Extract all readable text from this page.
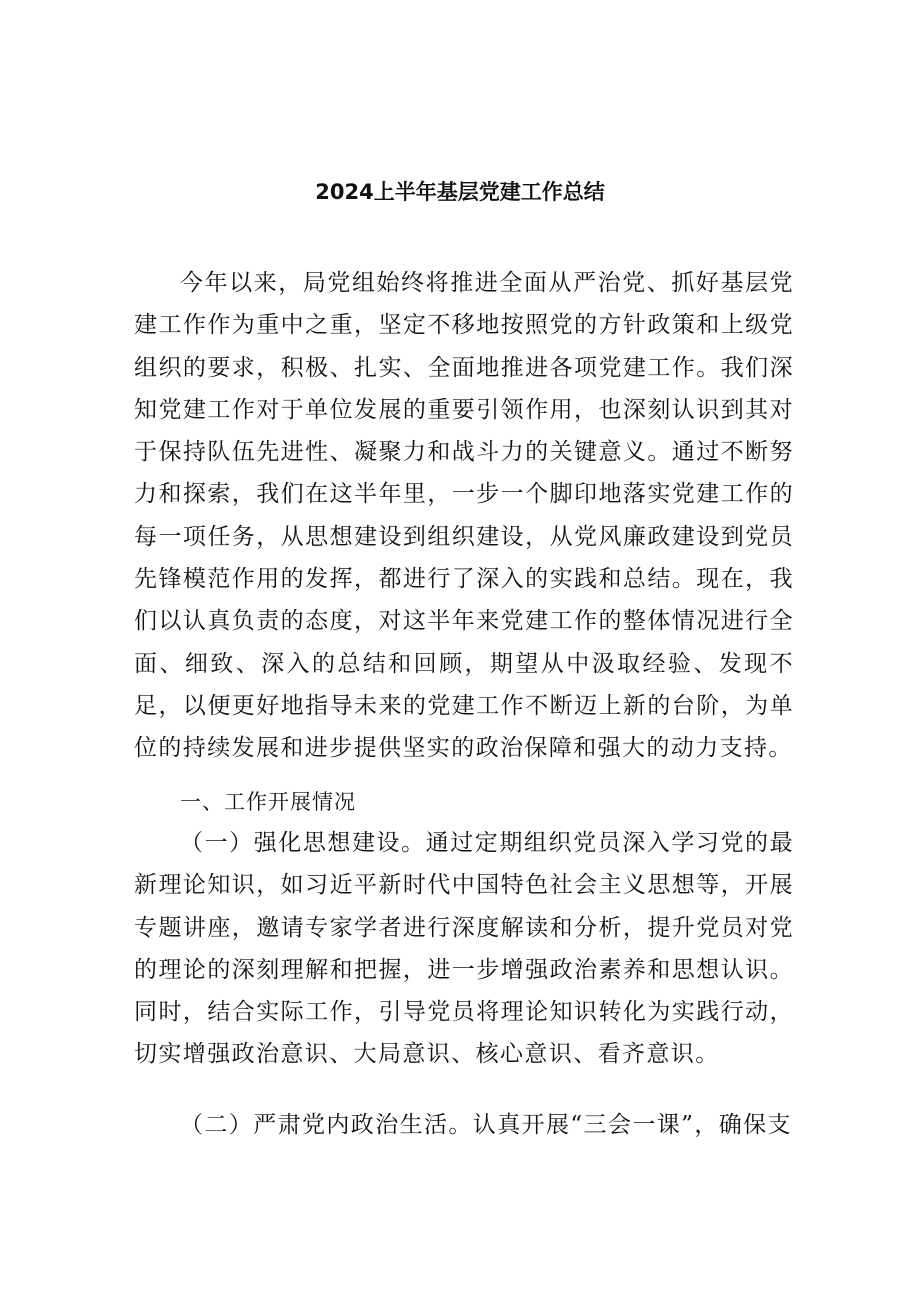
2024上半年基层党建工作总结

今年以来，局党组始终将推进全面从严治党、抓好基层党建工作作为重中之重，坚定不移地按照党的方针政策和上级党组织的要求，积极、扎实、全面地推进各项党建工作。我们深知党建工作对于单位发展的重要引领作用，也深刻认识到其对于保持队伍先进性、凝聚力和战斗力的关键意义。通过不断努力和探索，我们在这半年里，一步一个脚印地落实党建工作的每一项任务，从思想建设到组织建设，从党风廉政建设到党员先锋模范作用的发挥，都进行了深入的实践和总结。现在，我们以认真负责的态度，对这半年来党建工作的整体情况进行全面、细致、深入的总结和回顾，期望从中汲取经验、发现不足，以便更好地指导未来的党建工作不断迈上新的台阶，为单位的持续发展和进步提供坚实的政治保障和强大的动力支持。

一、工作开展情况

（一）强化思想建设。通过定期组织党员深入学习党的最新理论知识，如习近平新时代中国特色社会主义思想等，开展专题讲座，邀请专家学者进行深度解读和分析，提升党员对党的理论的深刻理解和把握，进一步增强政治素养和思想认识。同时，结合实际工作，引导党员将理论知识转化为实践行动，切实增强政治意识、大局意识、核心意识、看齐意识。

（二）严肃党内政治生活。认真开展“三会一课”，确保支
